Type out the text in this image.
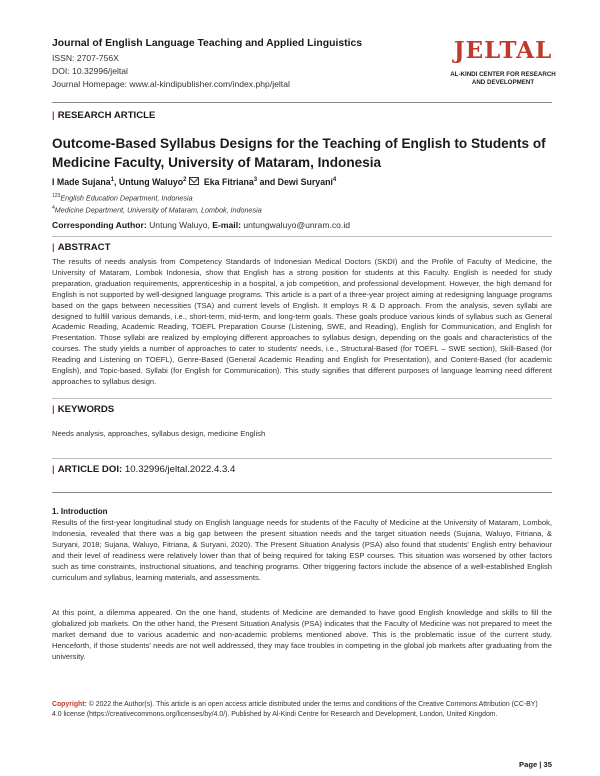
Journal of English Language Teaching and Applied Linguistics
ISSN: 2707-756X
DOI: 10.32996/jeltal
Journal Homepage: www.al-kindipublisher.com/index.php/jeltal
JELTAL
AL-KINDI CENTER FOR RESEARCH
AND DEVELOPMENT
| RESEARCH ARTICLE
Outcome-Based Syllabus Designs for the Teaching of English to Students of Medicine Faculty, University of Mataram, Indonesia
I Made Sujana$^1$, Untung Waluyo$^2$ Eka Fitriana$^3$ and Dewi Suryani$^4$
$^{123}$English Education Department, Indonesia
$^4$Medicine Department, University of Mataram, Lombok, Indonesia
Corresponding Author: Untung Waluyo, E-mail: untungwaluyo@unram.co.id
| ABSTRACT

The results of needs analysis from Competency Standards of Indonesian Medical Doctors (SKDI) and the Profile of Faculty of Medicine, the University of Mataram, Lombok Indonesia, show that English has a strong position for students at this Faculty. English is needed for study preparation, graduation requirements, apprenticeship in a hospital, a job competition, and professional development. However, the high demand for English is not supported by well-designed language programs. This article is a part of a three-year project aiming at redesigning language programs based on the gaps between necessities (TSA) and current levels of English. It employs R & D approach. From the analysis, seven syllabi are designed to fulfill various demands, i.e., short-term, mid-term, and long-term goals. These goals produce various kinds of syllabus such as General Academic Reading, Academic Reading, TOEFL Preparation Course (Listening, SWE, and Reading), English for Communication, and English for Presentation. Those syllabi are realized by employing different approaches to syllabus design, depending on the goals and characteristics of the courses. The study yields a number of approaches to cater to students' needs, i.e., Structural-Based (for TOEFL – SWE section), Skill-Based (for Reading and Listening on TOEFL), Genre-Based (General Academic Reading and English for Presentation), and Content-Based (for academic English), and Topic-based. Syllabi (for English for Communication). This study signifies that different purposes of language learning need different approaches to syllabus design.

| KEYWORDS

Needs analysis, approaches, syllabus design, medicine English

| ARTICLE DOI: 10.32996/jeltal.2022.4.3.4
1. Introduction

Results of the first-year longitudinal study on English language needs for students of the Faculty of Medicine at the University of Mataram, Lombok, Indonesia, revealed that there was a big gap between the present situation needs and the target situation needs (Sujana, Waluyo, Fitriana, & Suryani, 2018; Sujana, Waluyo, Fitriana, & Suryani, 2020). The Present Situation Analysis (PSA) also found that students' English entry behaviour and their level of readiness were relatively lower than that of being required for taking ESP courses. This situation was worsened by other factors such as time constraints, instructional situations, and teaching programs. Other triggering factors include the absence of a well-established English curriculum and syllabus, learning materials, and assessments.

At this point, a dilemma appeared. On the one hand, students of Medicine are demanded to have good English knowledge and skills to fill the globalized job markets. On the other hand, the Present Situation Analysis (PSA) indicates that the Faculty of Medicine was not prepared to meet the market demand due to various academic and non-academic problems mentioned above. This is the problematic issue of the current study. Henceforth, if those students' needs are not well addressed, they may face troubles in competing in the global job markets after graduating from the university.

Copyright: © 2022 the Author(s). This article is an open access article distributed under the terms and conditions of the Creative Commons Attribution (CC-BY) 4.0 license (https://creativecommons.org/licenses/by/4.0/). Published by Al-Kindi Centre for Research and Development, London, United Kingdom.
Page | 35
